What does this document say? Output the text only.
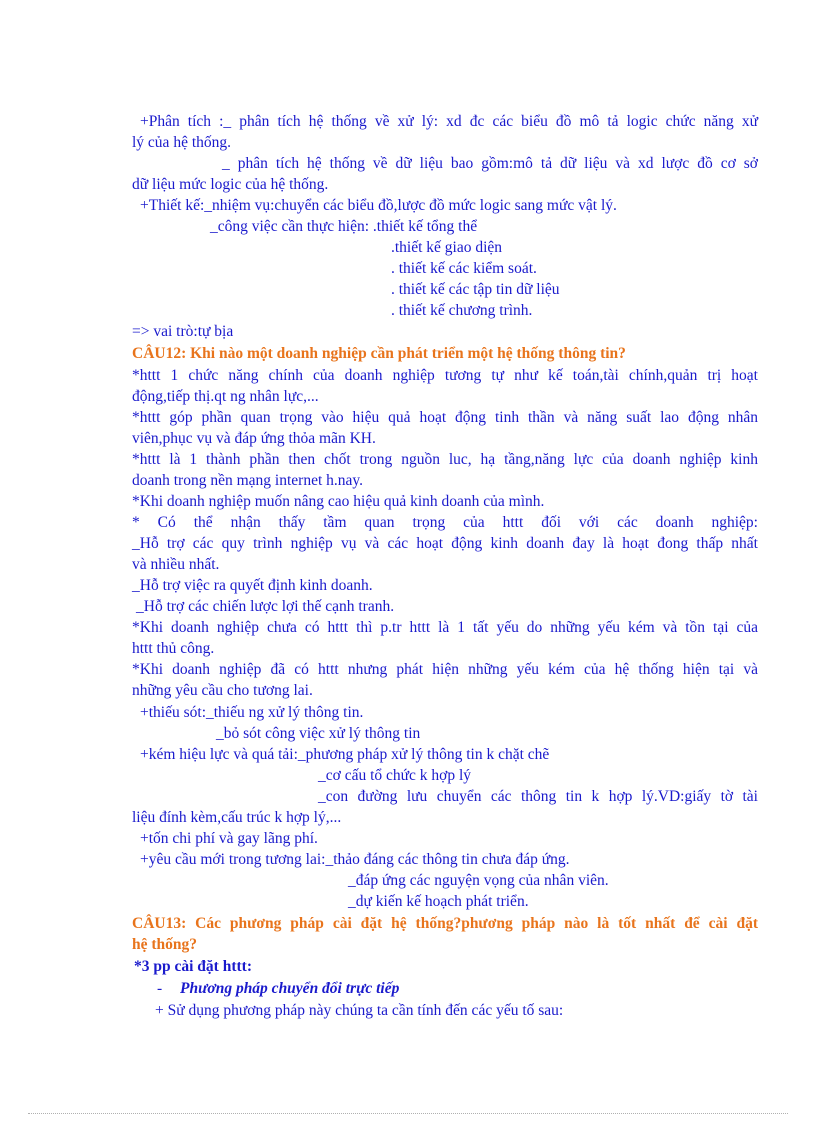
+Phân tích :_ phân tích hệ thống về xử lý: xd đc các biểu đồ mô tả logic chức năng xử
lý của hệ thống.
_ phân tích hệ thống về dữ liệu bao gồm:mô tả dữ liệu và xd lược đồ cơ sở
dữ liệu mức logic của hệ thống.
+Thiết kế:_nhiệm vụ:chuyển các biểu đồ,lược đồ mức logic sang mức vật lý.
_công việc cần thực hiện: .thiết kế tổng thể
.thiết kế giao diện
. thiết kế các kiểm soát.
. thiết kế các tập tin dữ liệu
. thiết kế chương trình.
=> vai trò:tự bịa
CÂU12: Khi nào một doanh nghiệp cần phát triển một hệ thống thông tin?
*httt 1 chức năng chính của doanh nghiệp tương tự như kế toán,tài chính,quản trị hoạt
động,tiếp thị.qt ng nhân lực,...
*httt góp phần quan trọng vào hiệu quả hoạt động tinh thần và năng suất lao động nhân
viên,phục vụ và đáp ứng thỏa mãn KH.
*httt là 1 thành phần then chốt trong nguồn luc, hạ tầng,năng lực của doanh nghiệp kinh
doanh trong nền mạng internet h.nay.
*Khi doanh nghiệp muốn nâng cao hiệu quả kinh doanh của mình.
* Có thể nhận thấy tầm quan trọng của httt đối với các doanh nghiệp:
_Hỗ trợ các quy trình nghiệp vụ và các hoạt động kinh doanh đay là hoạt đong thấp nhất
và nhiều nhất.
_Hỗ trợ việc ra quyết định kinh doanh.
_Hỗ trợ các chiến lược lợi thế cạnh tranh.
*Khi doanh nghiệp chưa có httt thì p.tr httt là 1 tất yếu do những yếu kém và tồn tại của
httt thủ công.
*Khi doanh nghiệp đã có httt nhưng phát hiện những yếu kém của hệ thống hiện tại và
những yêu cầu cho tương lai.
+thiếu sót:_thiếu ng xử lý thông tin.
_bỏ sót công việc xử lý thông tin
+kém hiệu lực và quá tải:_phương pháp xử lý thông tin k chặt chẽ
_cơ cấu tổ chức k hợp lý
_con đường lưu chuyển các thông tin k hợp lý.VD:giấy tờ tài
liệu đính kèm,cấu trúc k hợp lý,...
+tốn chi phí và gay lãng phí.
+yêu cầu mới trong tương lai:_thảo đáng các thông tin chưa đáp ứng.
_đáp ứng các nguyện vọng của nhân viên.
_dự kiến kế hoạch phát triển.
CÂU13: Các phương pháp cài đặt hệ thống?phương pháp nào là tốt nhất để cài đặt
hệ thống?
*3 pp cài đặt httt:
- Phương pháp chuyển đổi trực tiếp
+ Sử dụng phương pháp này chúng ta cần tính đến các yếu tố sau:
